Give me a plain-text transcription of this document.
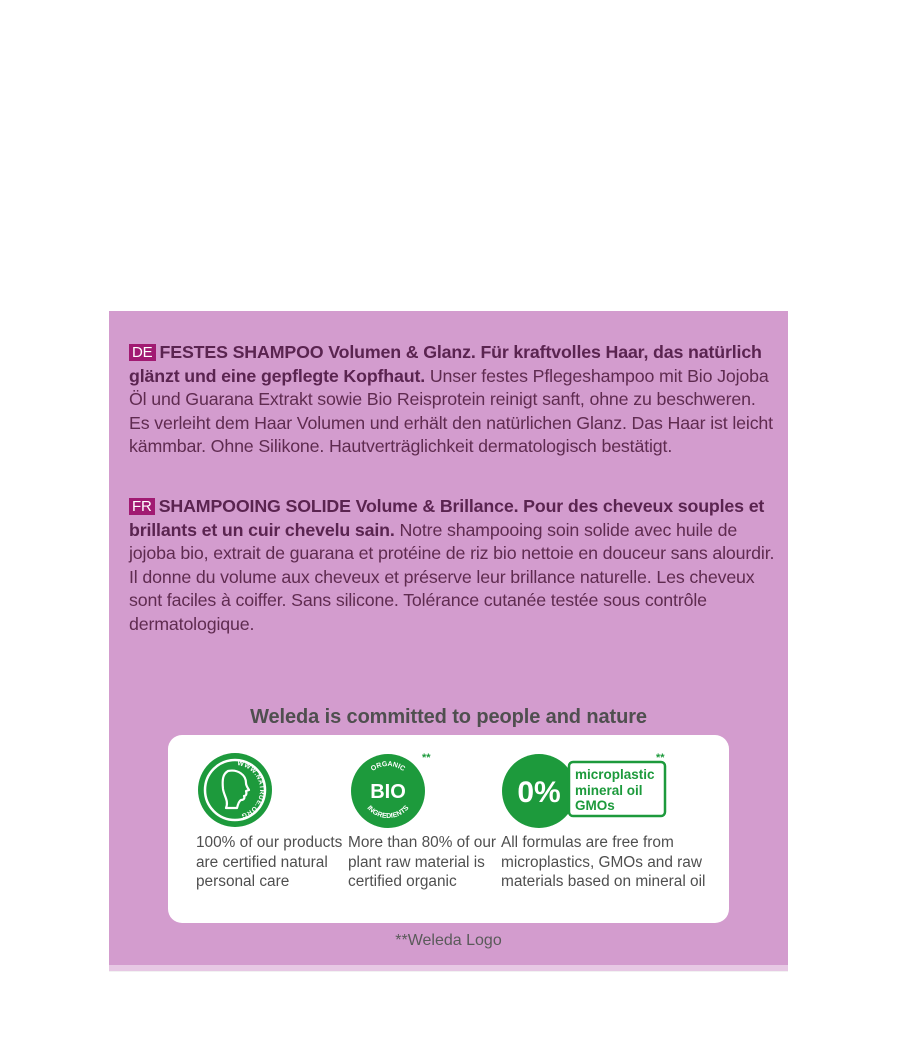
DE FESTES SHAMPOO Volumen & Glanz. Für kraftvolles Haar, das natürlich glänzt und eine gepflegte Kopfhaut. Unser festes Pflegeshampoo mit Bio Jojoba Öl und Guarana Extrakt sowie Bio Reisprotein reinigt sanft, ohne zu beschweren. Es verleiht dem Haar Volumen und erhält den natürlichen Glanz. Das Haar ist leicht kämmbar. Ohne Silikone. Hautverträglichkeit dermatologisch bestätigt.

FR SHAMPOOING SOLIDE Volume & Brillance. Pour des cheveux souples et brillants et un cuir chevelu sain. Notre shampooing soin solide avec huile de jojoba bio, extrait de guarana et protéine de riz bio nettoie en douceur sans alourdir. Il donne du volume aux cheveux et préserve leur brillance naturelle. Les cheveux sont faciles à coiffer. Sans silicone. Tolérance cutanée testée sous contrôle dermatologique.

Weleda is committed to people and nature
WWW.NATRUE.ORG

100% of our products are certified natural personal care

BIO
ORGANIC
INGREDIENTS
**

More than 80% of our plant raw material is certified organic

0%
microplastic
mineral oil
GMOs
**

All formulas are free from microplastics, GMOs and raw materials based on mineral oil

**Weleda Logo
